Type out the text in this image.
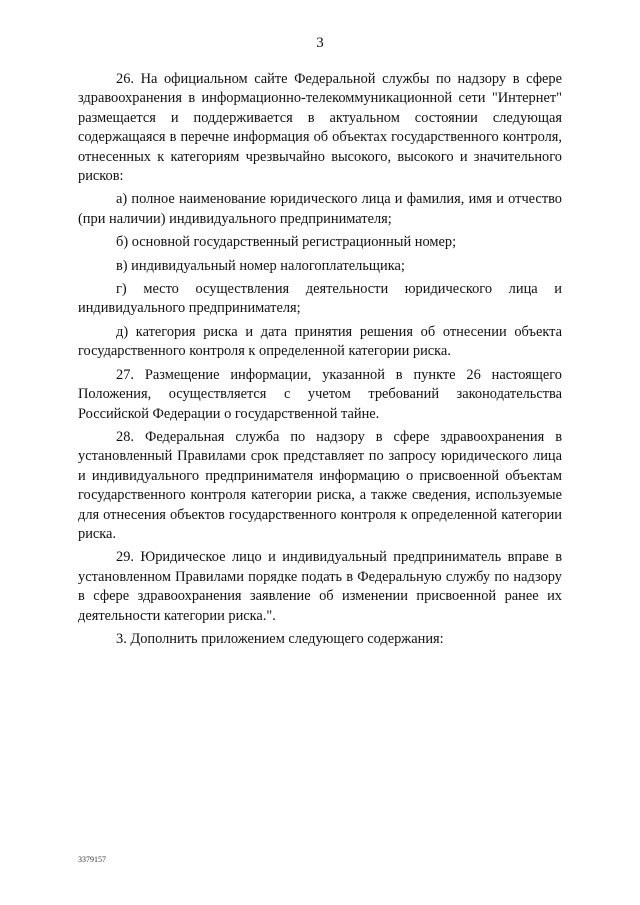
3

26. На официальном сайте Федеральной службы по надзору в сфере здравоохранения в информационно-телекоммуникационной сети "Интернет" размещается и поддерживается в актуальном состоянии следующая содержащаяся в перечне информация об объектах государственного контроля, отнесенных к категориям чрезвычайно высокого, высокого и значительного рисков:

а) полное наименование юридического лица и фамилия, имя и отчество (при наличии) индивидуального предпринимателя;

б) основной государственный регистрационный номер;

в) индивидуальный номер налогоплательщика;

г) место осуществления деятельности юридического лица и индивидуального предпринимателя;

д) категория риска и дата принятия решения об отнесении объекта государственного контроля к определенной категории риска.

27. Размещение информации, указанной в пункте 26 настоящего Положения, осуществляется с учетом требований законодательства Российской Федерации о государственной тайне.

28. Федеральная служба по надзору в сфере здравоохранения в установленный Правилами срок представляет по запросу юридического лица и индивидуального предпринимателя информацию о присвоенной объектам государственного контроля категории риска, а также сведения, используемые для отнесения объектов государственного контроля к определенной категории риска.

29. Юридическое лицо и индивидуальный предприниматель вправе в установленном Правилами порядке подать в Федеральную службу по надзору в сфере здравоохранения заявление об изменении присвоенной ранее их деятельности категории риска.".

3. Дополнить приложением следующего содержания:

3379157
